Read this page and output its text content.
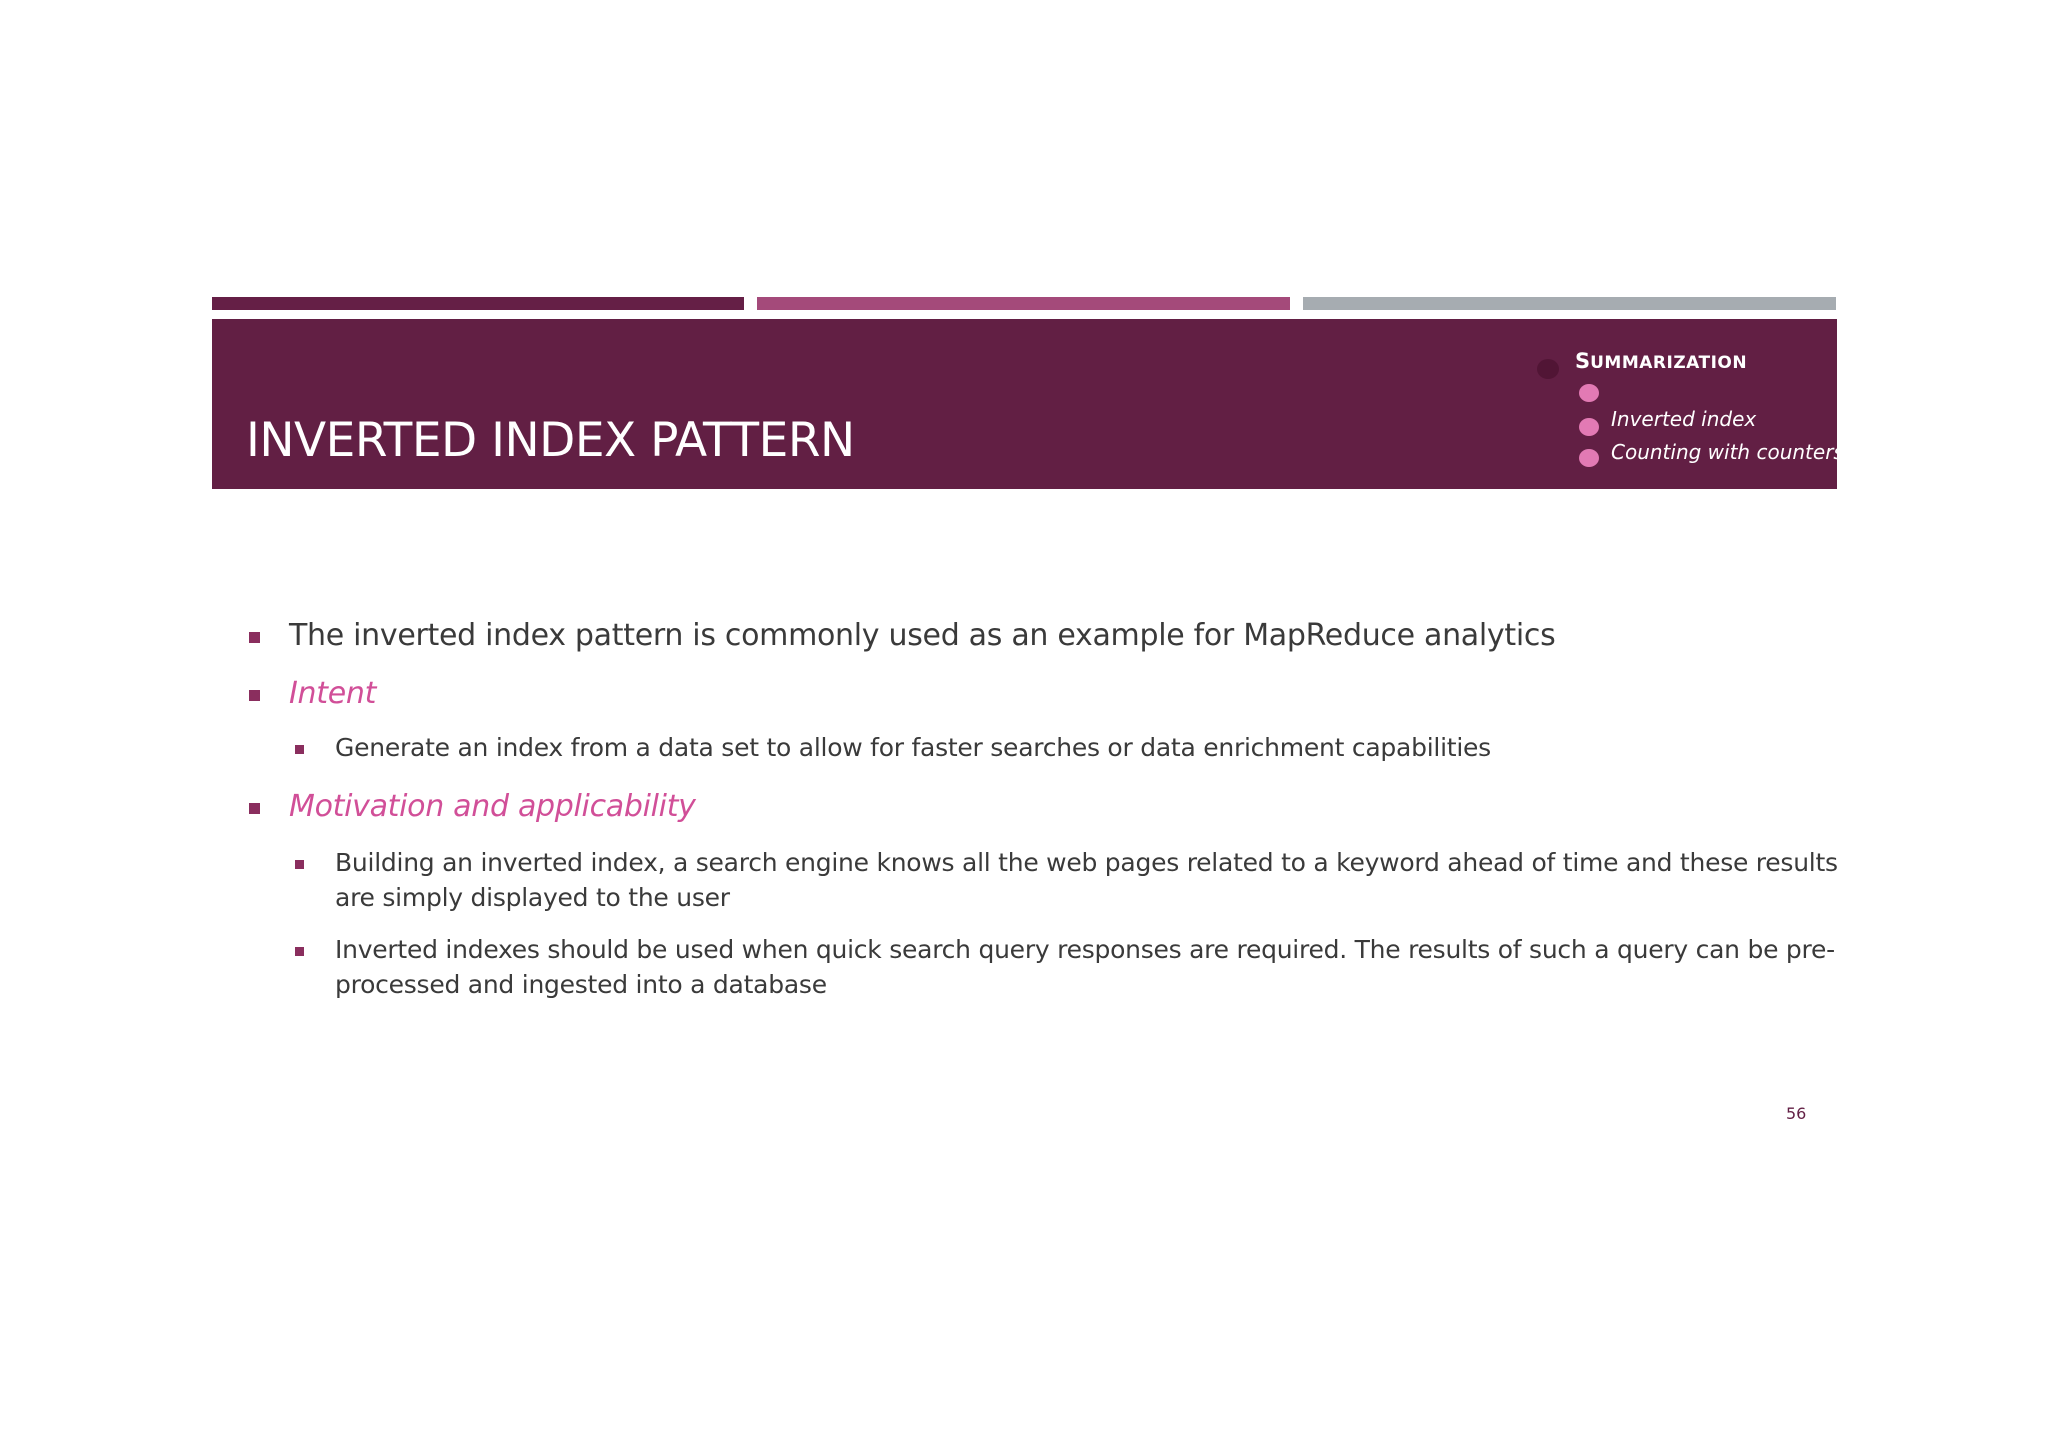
INVERTED INDEX PATTERN
SUMMARIZATION
Inverted index
Counting with counters
The inverted index pattern is commonly used as an example for MapReduce analytics
Intent
Generate an index from a data set to allow for faster searches or data enrichment capabilities
Motivation and applicability
Building an inverted index, a search engine knows all the web pages related to a keyword ahead of time and these results
are simply displayed to the user
Inverted indexes should be used when quick search query responses are required. The results of such a query can be pre-
processed and ingested into a database
56
